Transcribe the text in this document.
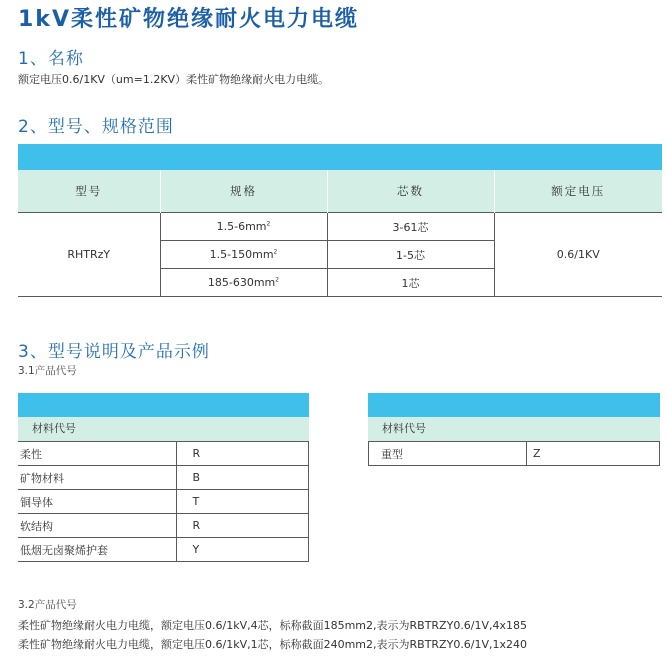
1kV柔性矿物绝缘耐火电力电缆
1、名称
额定电压0.6/1KV（um=1.2KV）柔性矿物绝缘耐火电力电缆。
2、型号、规格范围
型号	规格	芯数	额定电压
RHTRzY	$1.5-6mm^2$	3-61芯	0.6/1KV
	$1.5-150mm^2$	1-5芯	
	$185-630mm^2$	1芯	
3、型号说明及产品示例
3.1产品代号
材料代号
柔性	R
矿物材料	B
铜导体	T
软结构	R
低烟无卤聚烯护套	Y
材料代号
重型	Z
3.2产品代号
柔性矿物绝缘耐火电力电缆，额定电压0.6/1kV,4芯，标称截面185mm2,表示为RBTRZY0.6/1V,4x185
柔性矿物绝缘耐火电力电缆，额定电压0.6/1kV,1芯，标称截面240mm2,表示为RBTRZY0.6/1V,1x240
